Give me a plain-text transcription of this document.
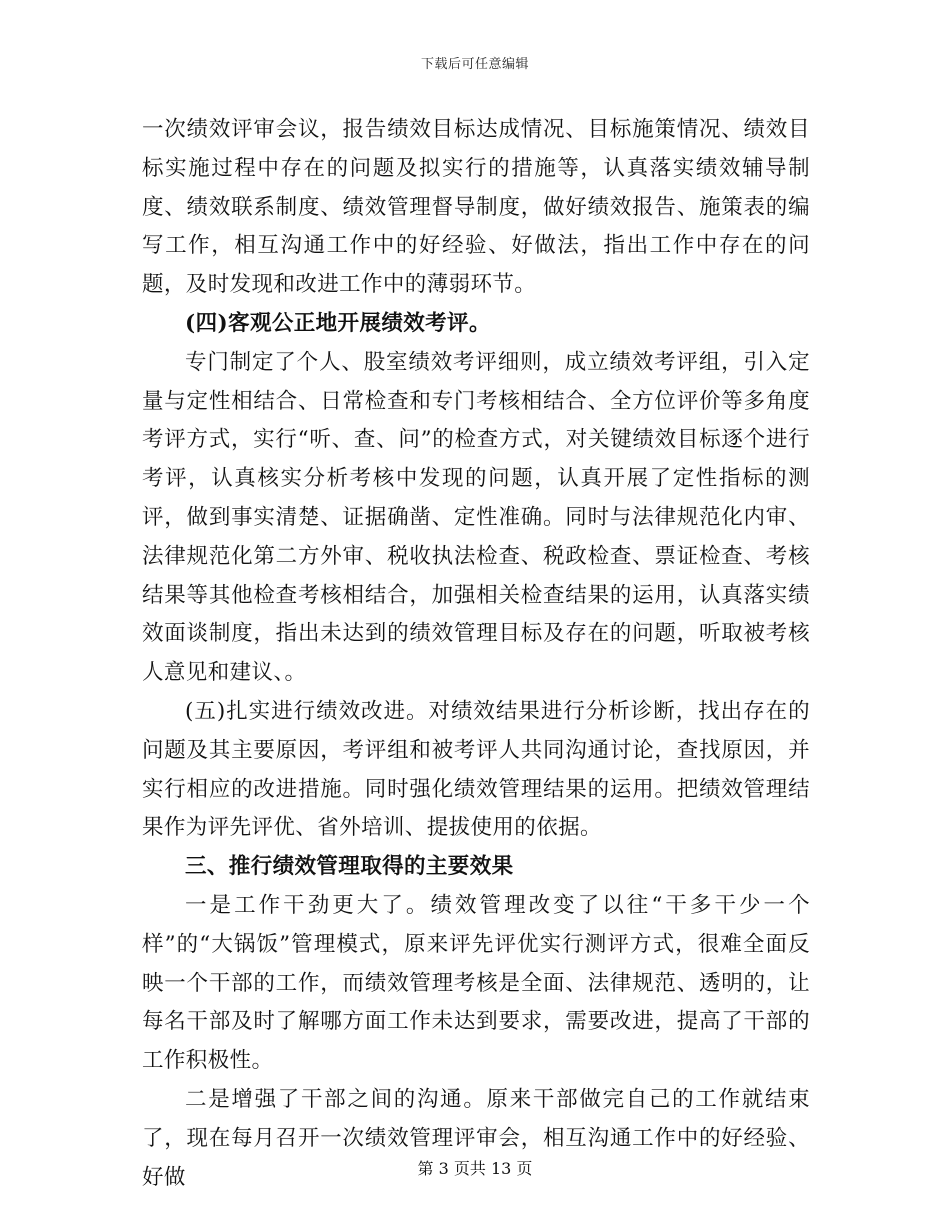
下载后可任意编辑

一次绩效评审会议，报告绩效目标达成情况、目标施策情况、绩效目标实施过程中存在的问题及拟实行的措施等，认真落实绩效辅导制度、绩效联系制度、绩效管理督导制度，做好绩效报告、施策表的编写工作，相互沟通工作中的好经验、好做法，指出工作中存在的问题，及时发现和改进工作中的薄弱环节。

(四)客观公正地开展绩效考评。

专门制定了个人、股室绩效考评细则，成立绩效考评组，引入定量与定性相结合、日常检查和专门考核相结合、全方位评价等多角度考评方式，实行“听、查、问”的检查方式，对关键绩效目标逐个进行考评，认真核实分析考核中发现的问题，认真开展了定性指标的测评，做到事实清楚、证据确凿、定性准确。同时与法律规范化内审、法律规范化第二方外审、税收执法检查、税政检查、票证检查、考核结果等其他检查考核相结合，加强相关检查结果的运用，认真落实绩效面谈制度，指出未达到的绩效管理目标及存在的问题，听取被考核人意见和建议、。

(五)扎实进行绩效改进。对绩效结果进行分析诊断，找出存在的问题及其主要原因，考评组和被考评人共同沟通讨论，查找原因，并实行相应的改进措施。同时强化绩效管理结果的运用。把绩效管理结果作为评先评优、省外培训、提拔使用的依据。

三、推行绩效管理取得的主要效果

一是工作干劲更大了。绩效管理改变了以往“干多干少一个样”的“大锅饭”管理模式，原来评先评优实行测评方式，很难全面反映一个干部的工作，而绩效管理考核是全面、法律规范、透明的，让每名干部及时了解哪方面工作未达到要求，需要改进，提高了干部的工作积极性。

二是增强了干部之间的沟通。原来干部做完自己的工作就结束了，现在每月召开一次绩效管理评审会，相互沟通工作中的好经验、好做	第 3 页共 13 页
